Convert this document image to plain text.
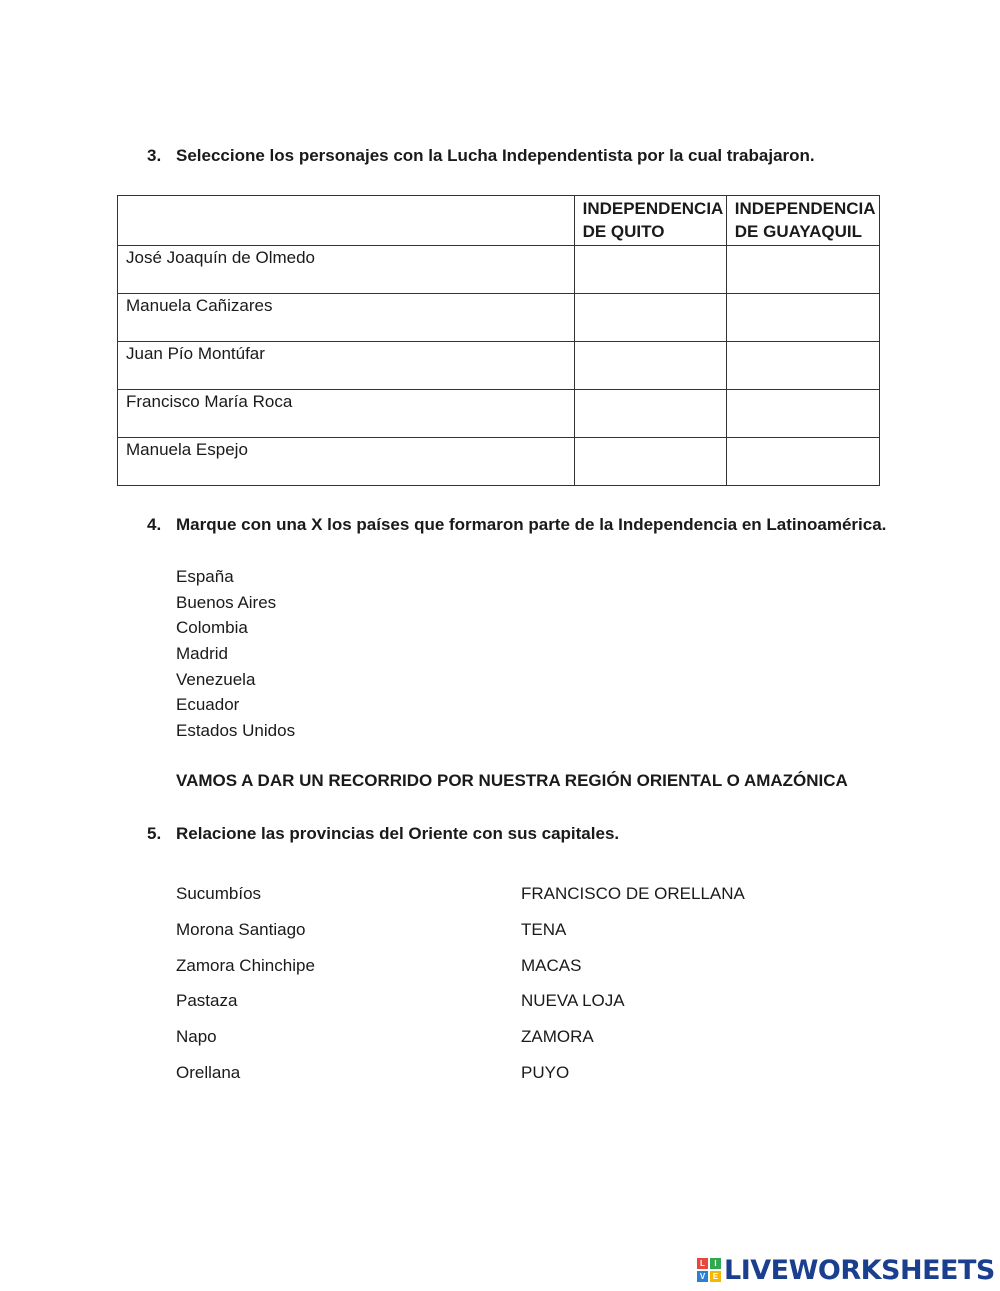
3. Seleccione los personajes con la Lucha Independentista por la cual trabajaron.
	INDEPENDENCIA DE QUITO	INDEPENDENCIA DE GUAYAQUIL
José Joaquín de Olmedo		
Manuela Cañizares		
Juan Pío Montúfar		
Francisco María Roca		
Manuela Espejo		
4. Marque con una X los países que formaron parte de la Independencia en Latinoamérica.
España
Buenos Aires
Colombia
Madrid
Venezuela
Ecuador
Estados Unidos
VAMOS A DAR UN RECORRIDO POR NUESTRA REGIÓN ORIENTAL O AMAZÓNICA
5. Relacione las provincias del Oriente con sus capitales.
Sucumbíos	FRANCISCO DE ORELLANA
Morona Santiago	TENA
Zamora Chinchipe	MACAS
Pastaza	NUEVA LOJA
Napo	ZAMORA
Orellana	PUYO
L	I
V E LIVEWORKSHEETS
